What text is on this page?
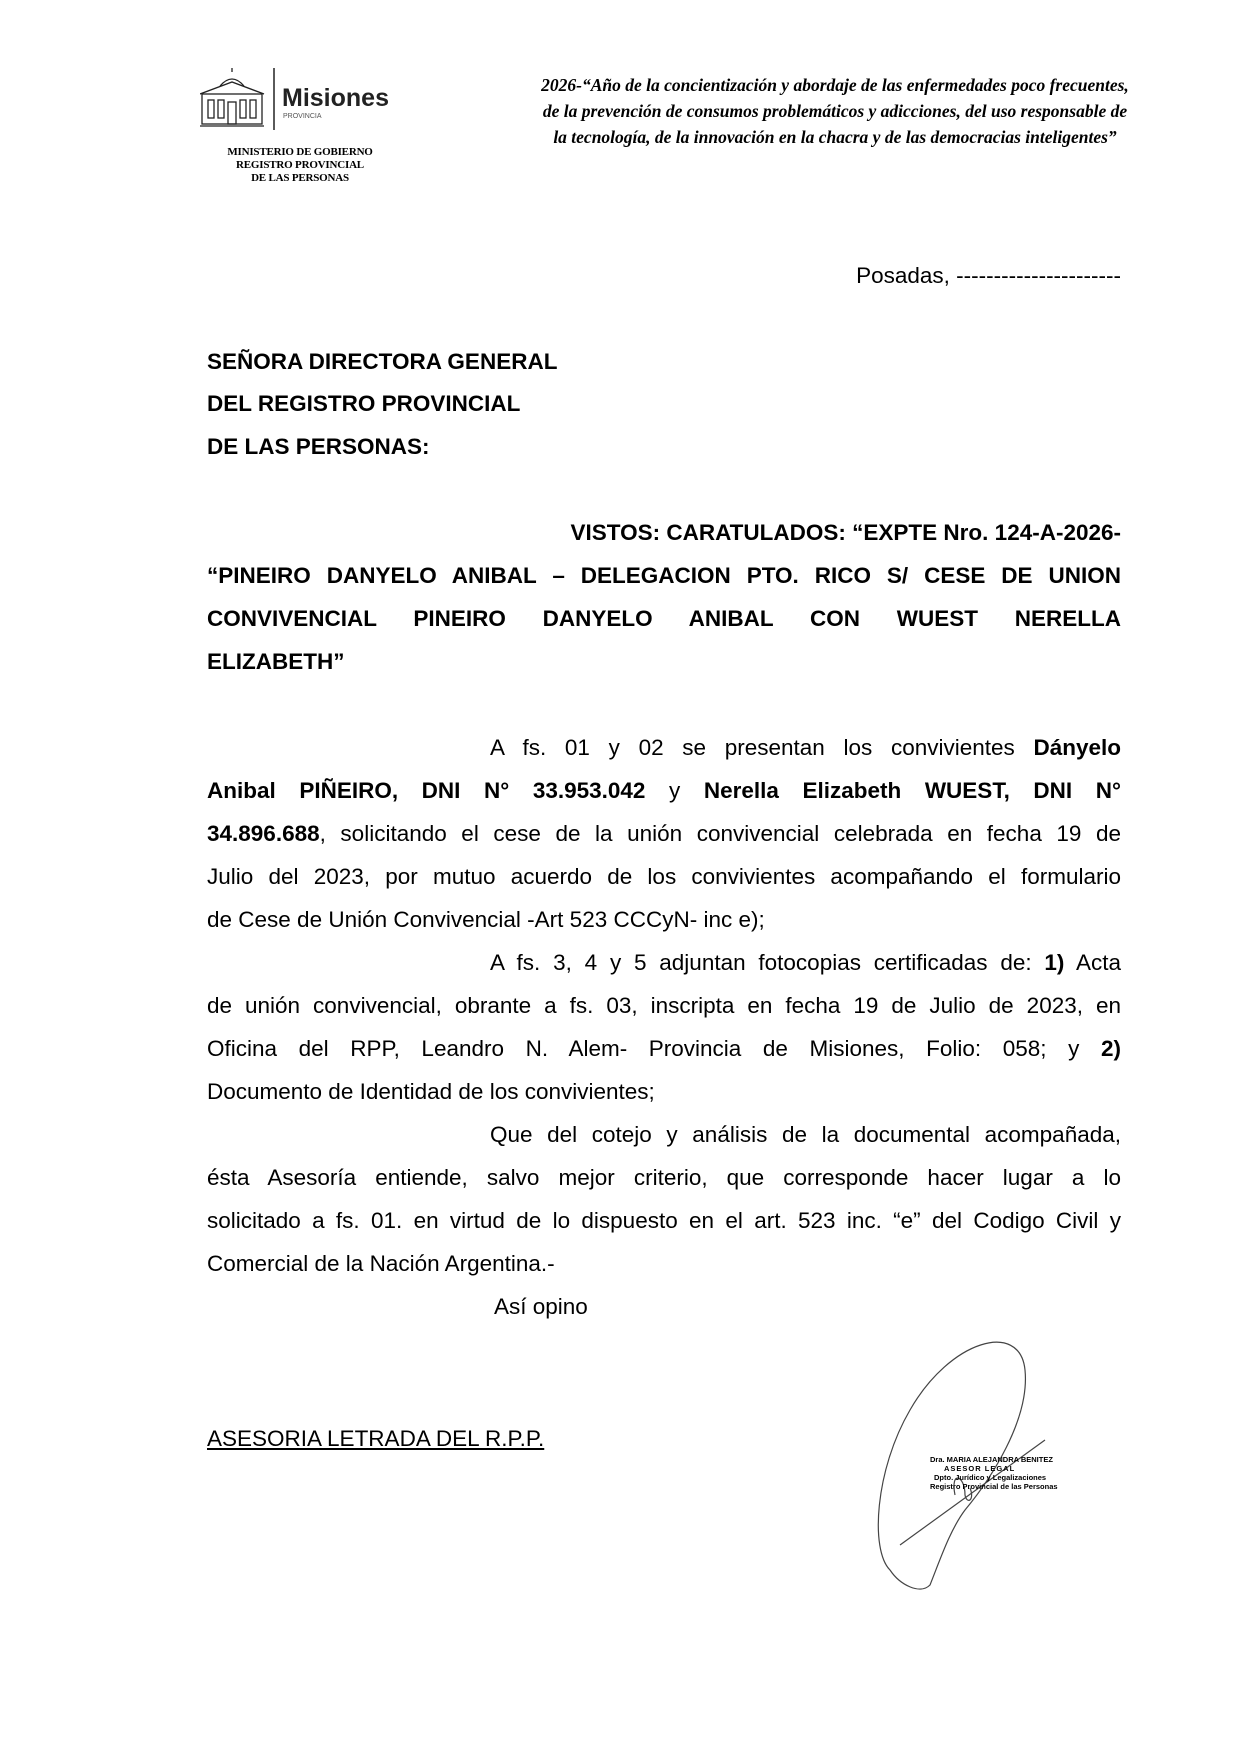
Misiones
PROVINCIA
MINISTERIO DE GOBIERNO
REGISTRO PROVINCIAL
DE LAS PERSONAS
2026-“Año de la concientización y abordaje de las enfermedades poco frecuentes,
de la prevención de consumos problemáticos y adicciones, del uso responsable de
la tecnología, de la innovación en la chacra y de las democracias inteligentes”
Posadas, ----------------------
SEÑORA DIRECTORA GENERAL
DEL REGISTRO PROVINCIAL
DE LAS PERSONAS:
VISTOS: CARATULADOS: “EXPTE Nro. 124-A-2026-
“PINEIRO DANYELO ANIBAL – DELEGACION PTO. RICO S/ CESE DE UNION
CONVIVENCIAL PINEIRO DANYELO ANIBAL CON WUEST NERELLA
ELIZABETH”
A fs. 01 y 02 se presentan los convivientes Dányelo
Anibal PIÑEIRO, DNI N° 33.953.042 y Nerella Elizabeth WUEST, DNI N°
34.896.688, solicitando el cese de la unión convivencial celebrada en fecha 19 de
Julio del 2023, por mutuo acuerdo de los convivientes acompañando el formulario
de Cese de Unión Convivencial -Art 523 CCCyN- inc e);
A fs. 3, 4 y 5 adjuntan fotocopias certificadas de: 1) Acta
de unión convivencial, obrante a fs. 03, inscripta en fecha 19 de Julio de 2023, en
Oficina del RPP, Leandro N. Alem- Provincia de Misiones, Folio: 058; y 2)
Documento de Identidad de los convivientes;
Que del cotejo y análisis de la documental acompañada,
ésta Asesoría entiende, salvo mejor criterio, que corresponde hacer lugar a lo
solicitado a fs. 01. en virtud de lo dispuesto en el art. 523 inc. “e” del Codigo Civil y
Comercial de la Nación Argentina.-
Así opino
ASESORIA LETRADA DEL R.P.P.
Dra. MARIA ALEJANDRA BENITEZ
ASESOR LEGAL
Dpto. Jurídico y Legalizaciones
Registro Provincial de las Personas
